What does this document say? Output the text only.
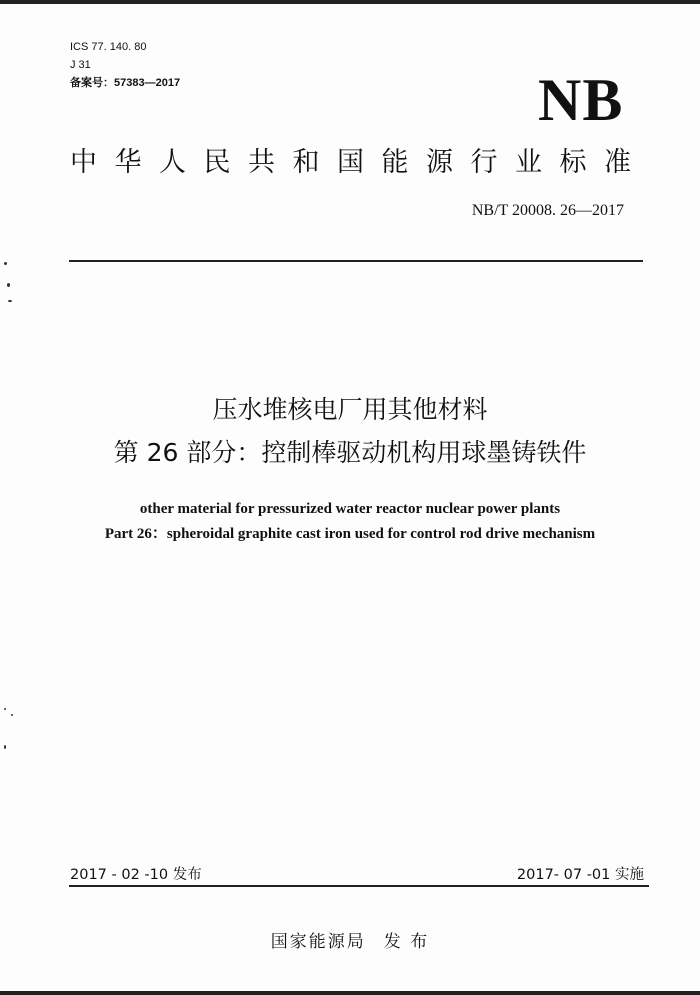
ICS 77. 140. 80
J 31
备案号：57383—2017	NB
中华人民共和国能源行业标准
NB/T 20008. 26—2017
压水堆核电厂用其他材料
第 26 部分：控制棒驱动机构用球墨铸铁件
other material for pressurized water reactor nuclear power plants
Part 26：spheroidal graphite cast iron used for control rod drive mechanism
2017 - 02 -10 发布	2017- 07 -01 实施
国家能源局 发 布
